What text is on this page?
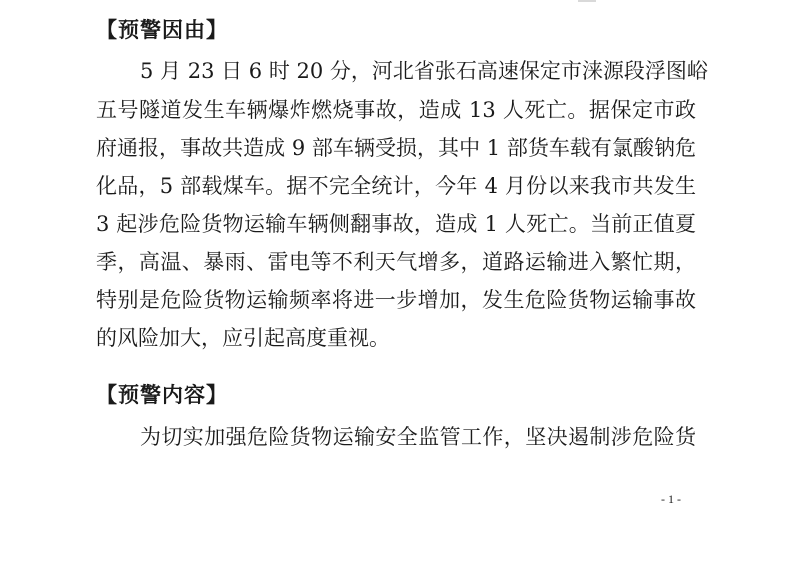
【预警因由】
5 月 23 日 6 时 20 分，河北省张石高速保定市涞源段浮图峪
五号隧道发生车辆爆炸燃烧事故，造成 13 人死亡。据保定市政
府通报，事故共造成 9 部车辆受损，其中 1 部货车载有氯酸钠危
化品，5 部载煤车。据不完全统计，今年 4 月份以来我市共发生
3 起涉危险货物运输车辆侧翻事故，造成 1 人死亡。当前正值夏
季，高温、暴雨、雷电等不利天气增多，道路运输进入繁忙期，
特别是危险货物运输频率将进一步增加，发生危险货物运输事故
的风险加大，应引起高度重视。
【预警内容】
为切实加强危险货物运输安全监管工作，坚决遏制涉危险货
- 1 -
